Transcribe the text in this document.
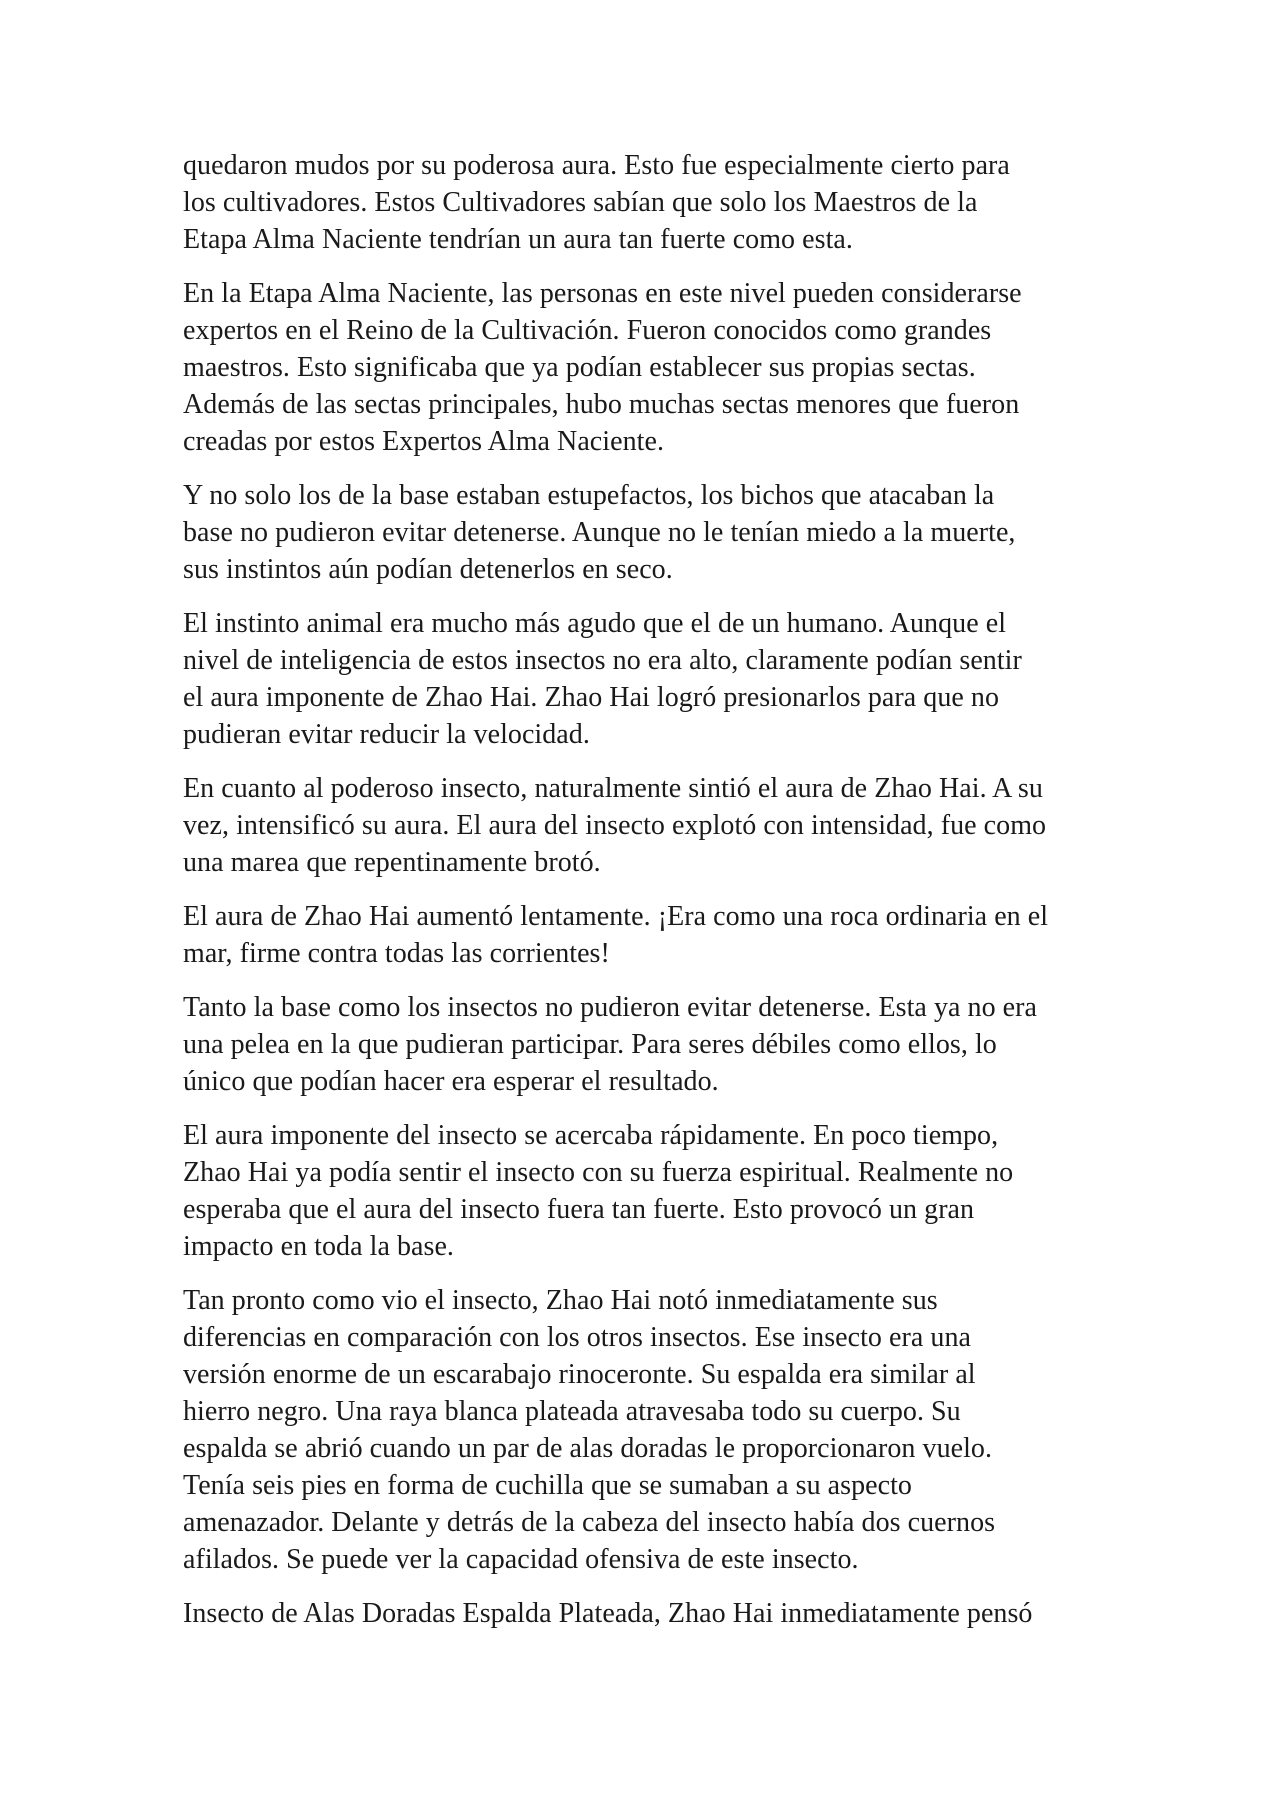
quedaron mudos por su poderosa aura. Esto fue especialmente cierto para
los cultivadores. Estos Cultivadores sabían que solo los Maestros de la
Etapa Alma Naciente tendrían un aura tan fuerte como esta.

En la Etapa Alma Naciente, las personas en este nivel pueden considerarse
expertos en el Reino de la Cultivación. Fueron conocidos como grandes
maestros. Esto significaba que ya podían establecer sus propias sectas.
Además de las sectas principales, hubo muchas sectas menores que fueron
creadas por estos Expertos Alma Naciente.

Y no solo los de la base estaban estupefactos, los bichos que atacaban la
base no pudieron evitar detenerse. Aunque no le tenían miedo a la muerte,
sus instintos aún podían detenerlos en seco.

El instinto animal era mucho más agudo que el de un humano. Aunque el
nivel de inteligencia de estos insectos no era alto, claramente podían sentir
el aura imponente de Zhao Hai. Zhao Hai logró presionarlos para que no
pudieran evitar reducir la velocidad.

En cuanto al poderoso insecto, naturalmente sintió el aura de Zhao Hai. A su
vez, intensificó su aura. El aura del insecto explotó con intensidad, fue como
una marea que repentinamente brotó.

El aura de Zhao Hai aumentó lentamente. ¡Era como una roca ordinaria en el
mar, firme contra todas las corrientes!

Tanto la base como los insectos no pudieron evitar detenerse. Esta ya no era
una pelea en la que pudieran participar. Para seres débiles como ellos, lo
único que podían hacer era esperar el resultado.

El aura imponente del insecto se acercaba rápidamente. En poco tiempo,
Zhao Hai ya podía sentir el insecto con su fuerza espiritual. Realmente no
esperaba que el aura del insecto fuera tan fuerte. Esto provocó un gran
impacto en toda la base.

Tan pronto como vio el insecto, Zhao Hai notó inmediatamente sus
diferencias en comparación con los otros insectos. Ese insecto era una
versión enorme de un escarabajo rinoceronte. Su espalda era similar al
hierro negro. Una raya blanca plateada atravesaba todo su cuerpo. Su
espalda se abrió cuando un par de alas doradas le proporcionaron vuelo.
Tenía seis pies en forma de cuchilla que se sumaban a su aspecto
amenazador. Delante y detrás de la cabeza del insecto había dos cuernos
afilados. Se puede ver la capacidad ofensiva de este insecto.

Insecto de Alas Doradas Espalda Plateada, Zhao Hai inmediatamente pensó
